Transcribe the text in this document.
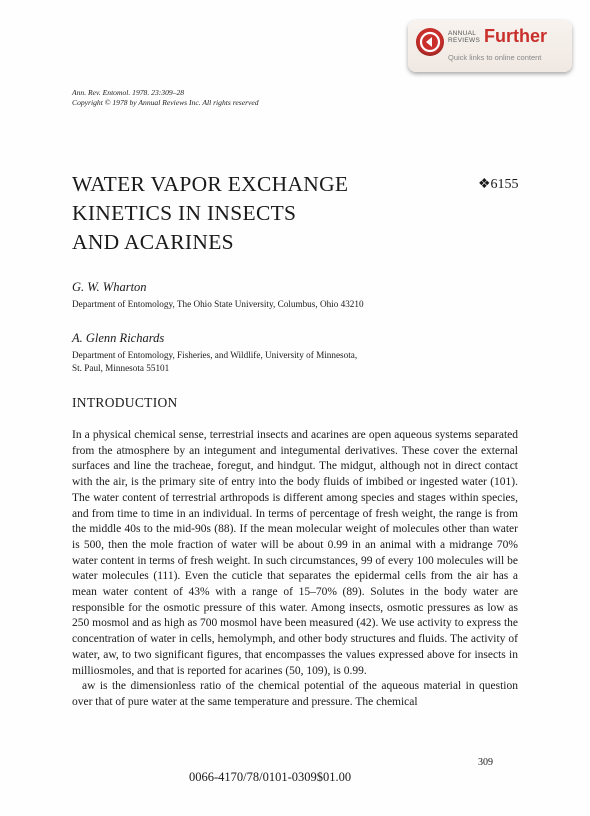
ANNUAL
REVIEWS Further
Quick links to online content
Ann. Rev. Entomol. 1978. 23:309–28
Copyright © 1978 by Annual Reviews Inc. All rights reserved
WATER VAPOR EXCHANGE
KINETICS IN INSECTS
AND ACARINES
❖6155
G. W. Wharton
Department of Entomology, The Ohio State University, Columbus, Ohio 43210
A. Glenn Richards
Department of Entomology, Fisheries, and Wildlife, University of Minnesota,
St. Paul, Minnesota 55101
INTRODUCTION

In a physical chemical sense, terrestrial insects and acarines are open aqueous systems separated from the atmosphere by an integument and integumental derivatives. These cover the external surfaces and line the tracheae, foregut, and hindgut. The midgut, although not in direct contact with the air, is the primary site of entry into the body fluids of imbibed or ingested water (101). The water content of terrestrial arthropods is different among species and stages within species, and from time to time in an individual. In terms of percentage of fresh weight, the range is from the middle 40s to the mid-90s (88). If the mean molecular weight of molecules other than water is 500, then the mole fraction of water will be about 0.99 in an animal with a midrange 70% water content in terms of fresh weight. In such circumstances, 99 of every 100 molecules will be water molecules (111). Even the cuticle that separates the epidermal cells from the air has a mean water content of 43% with a range of 15–70% (89). Solutes in the body water are responsible for the osmotic pressure of this water. Among insects, osmotic pressures as low as 250 mosmol and as high as 700 mosmol have been measured (42). We use activity to express the concentration of water in cells, hemolymph, and other body structures and fluids. The activity of water, aw, to two significant figures, that encompasses the values expressed above for insects in milliosmoles, and that is reported for acarines (50, 109), is 0.99.

aw is the dimensionless ratio of the chemical potential of the aqueous material in question over that of pure water at the same temperature and pressure. The chemical

309
0066-4170/78/0101-0309$01.00
